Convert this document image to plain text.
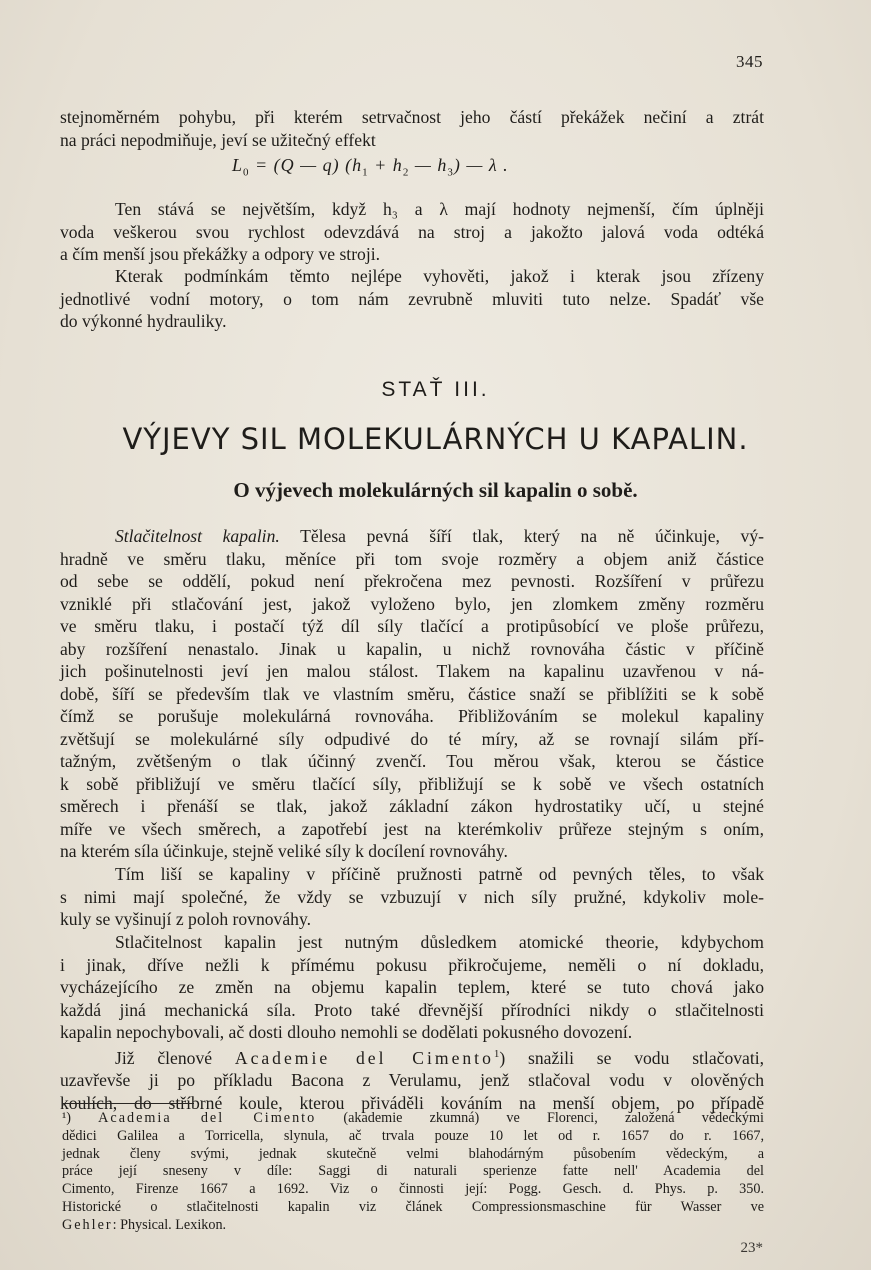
345
stejnoměrném pohybu, při kterém setrvačnost jeho částí překážek nečiní a ztrát
na práci nepodmiňuje, jeví se užitečný effekt
$L_0 = (Q$ — q) ($h_1 + h_2$ — $h_3$) — λ .
Ten stává se největším, když h₃ a λ mají hodnoty nejmenší, čím úplněji
voda veškerou svou rychlost odevzdává na stroj a jakožto jalová voda odtéká
a čím menší jsou překážky a odpory ve stroji.
Kterak podmínkám těmto nejlépe vyhověti, jakož i kterak jsou zřízeny
jednotlivé vodní motory, o tom nám zevrubně mluviti tuto nelze. Spadáť vše
do výkonné hydrauliky.
STAŤ III.
VÝJEVY SIL MOLEKULÁRNÝCH U KAPALIN.
O výjevech molekulárných sil kapalin o sobě.
Stlačitelnost kapalin. Tělesa pevná šíří tlak, který na ně účinkuje, vý-
hradně ve směru tlaku, měníce při tom svoje rozměry a objem aniž částice
od sebe se oddělí, pokud není překročena mez pevnosti. Rozšíření v průřezu
vzniklé při stlačování jest, jakož vyloženo bylo, jen zlomkem změny rozměru
ve směru tlaku, i postačí týž díl síly tlačící a protipůsobící ve ploše průřezu,
aby rozšíření nenastalo. Jinak u kapalin, u nichž rovnováha částic v příčině
jich pošinutelnosti jeví jen malou stálost. Tlakem na kapalinu uzavřenou v ná-
době, šíří se především tlak ve vlastním směru, částice snaží se přiblížiti se k sobě
čímž se porušuje molekulárná rovnováha. Přibližováním se molekul kapaliny
zvětšují se molekulárné síly odpudivé do té míry, až se rovnají silám pří-
tažným, zvětšeným o tlak účinný zvenčí. Tou měrou však, kterou se částice
k sobě přibližují ve směru tlačící síly, přibližují se k sobě ve všech ostatních
směrech i přenáší se tlak, jakož základní zákon hydrostatiky učí, u stejné
míře ve všech směrech, a zapotřebí jest na kterémkoliv průřeze stejným s oním,
na kterém síla účinkuje, stejně veliké síly k docílení rovnováhy.
Tím liší se kapaliny v příčině pružnosti patrně od pevných těles, to však
s nimi mají společné, že vždy se vzbuzují v nich síly pružné, kdykoliv mole-
kuly se vyšinují z poloh rovnováhy.
Stlačitelnost kapalin jest nutným důsledkem atomické theorie, kdybychom
i jinak, dříve nežli k přímému pokusu přikročujeme, neměli o ní dokladu,
vycházejícího ze změn na objemu kapalin teplem, které se tuto chová jako
každá jiná mechanická síla. Proto také dřevnější přírodníci nikdy o stlačitelnosti
kapalin nepochybovali, ač dosti dlouho nemohli se dodělati pokusného dovození.
Již členové Academie del Cimento$^1$) snažili se vodu stlačovati,
uzavřevše ji po příkladu Bacona z Verulamu, jenž stlačoval vodu v olověných
koulích, do stříbrné koule, kterou přiváděli kováním na menší objem, po případě
¹) Academia del Cimento (akademie zkumná) ve Florenci, založená vědeckými
dědici Galilea a Torricella, slynula, ač trvala pouze 10 let od r. 1657 do r. 1667,
jednak členy svými, jednak skutečně velmi blahodárným působením vědeckým, a
práce její sneseny v díle: Saggi di naturali sperienze fatte nell' Academia del
Cimento, Firenze 1667 a 1692. Viz o činnosti její: Pogg. Gesch. d. Phys. p. 350.
Historické o stlačitelnosti kapalin viz článek Compressionsmaschine für Wasser ve
Gehler: Physical. Lexikon.
23*
